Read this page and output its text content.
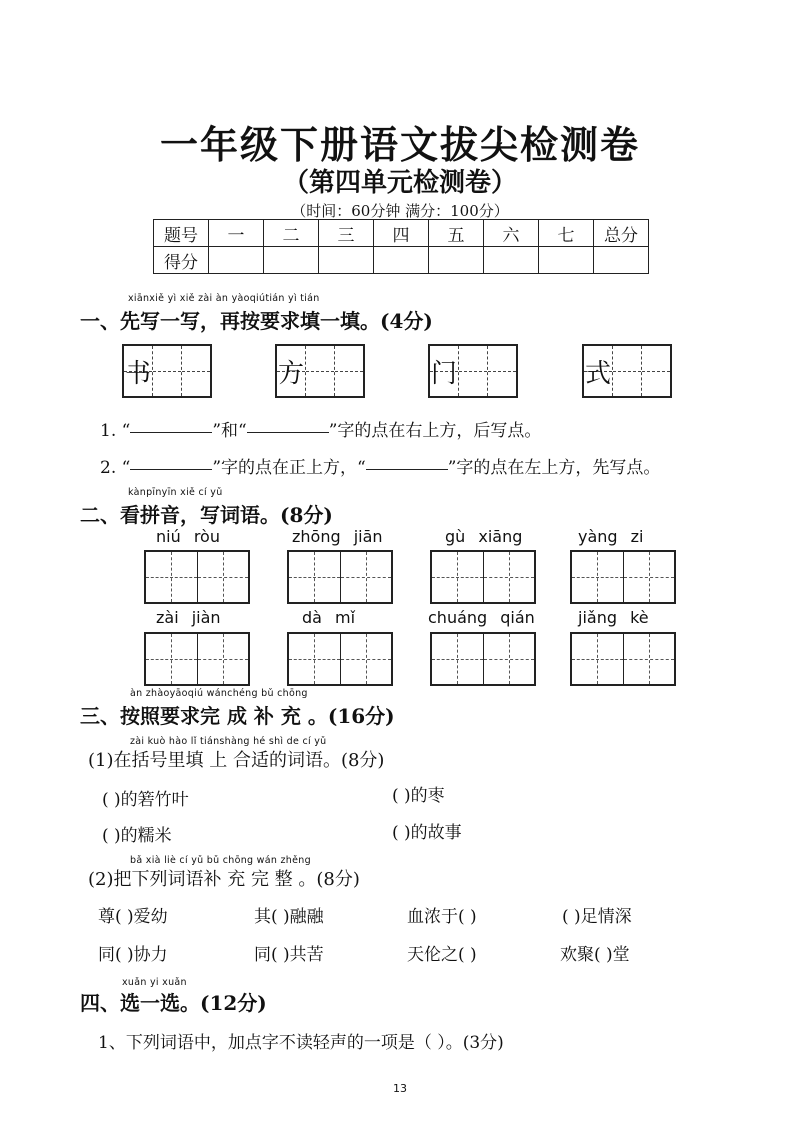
一年级下册语文拔尖检测卷
（第四单元检测卷）
（时间：60分钟 满分：100分）
题号	一	二	三	四	五	六	七	总分
得分								
xiānxiě yì xiě zài àn yàoqiútián yì tián
一、先写一写，再按要求填一填。(4分)
书	方	门	式
1. “	”和“	”字的点在右上方，后写点。
2. “	”字的点在正上方，“	”字的点在左上方，先写点。
kànpīnyīn xiě cí yǔ
二、看拼音，写词语。(8分)
niú ròu	zhōng jiān	gù xiāng	yàng zi
zài jiàn	dà mǐ	chuáng qián	jiǎng kè
àn zhàoyāoqiú wánchéng bǔ chōng
三、按照要求完 成 补 充 。(16分)
zài kuò hào lǐ tiánshàng hé shì de cí yǔ
(1)在括号里填 上 合适的词语。(8分)
( )的箬竹叶	( )的枣
( )的糯米	( )的故事
bǎ xià liè cí yǔ bǔ chōng wán zhěng
(2)把下列词语补 充 完 整 。(8分)
尊( )爱幼	其( )融融	血浓于( )	( )足情深
同( )协力	同( )共苦	天伦之( )	欢聚( )堂
xuǎn yi xuǎn
四、选一选。(12分)
1、下列词语中，加点字不读轻声的一项是（ ）。(3分)
13
